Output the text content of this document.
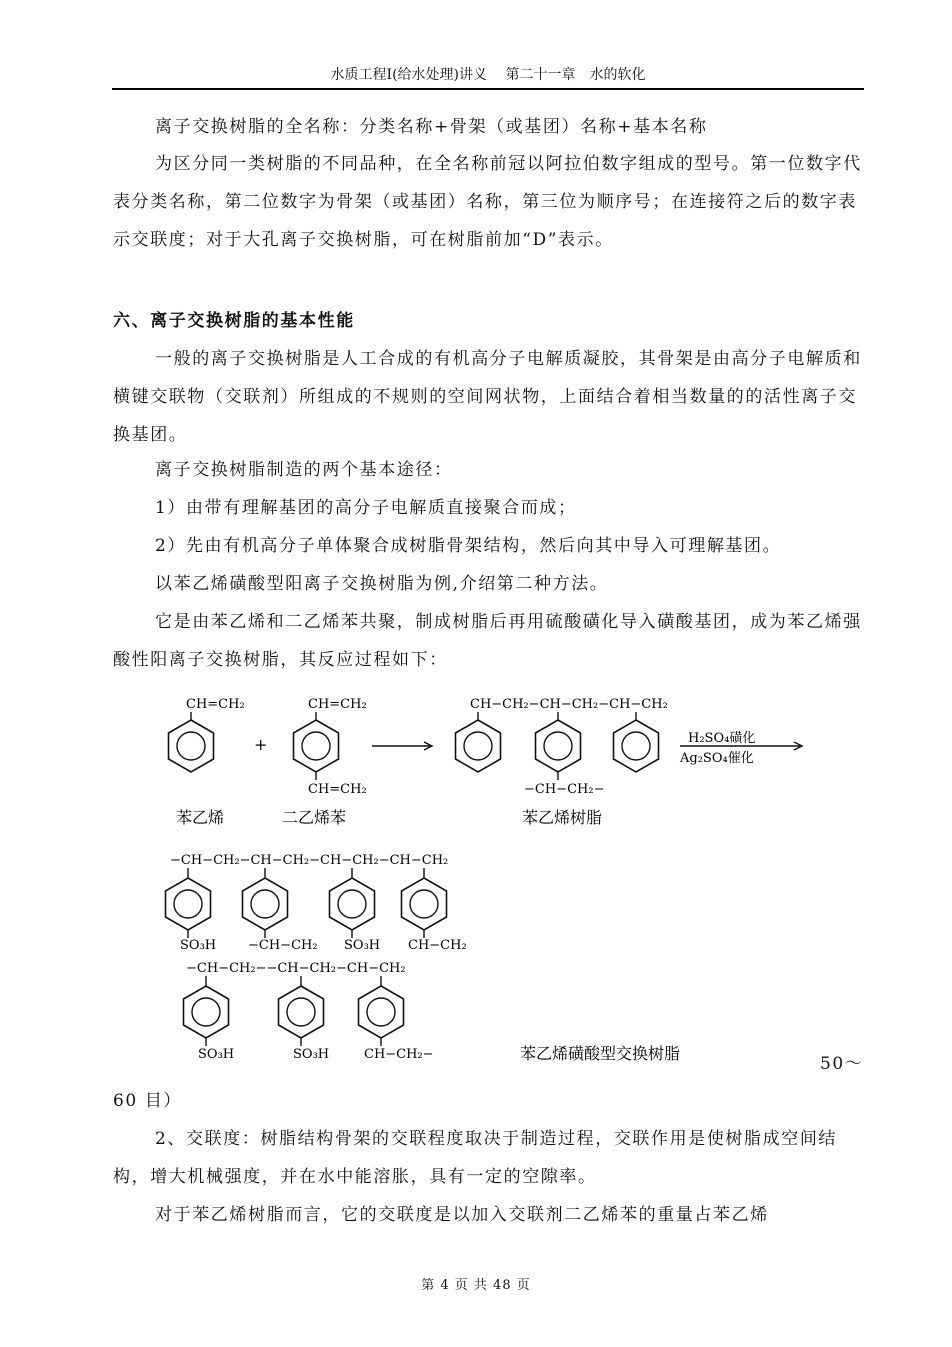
水质工程I(给水处理)讲义　 第二十一章　水的软化

离子交换树脂的全名称：分类名称+骨架（或基团）名称+基本名称

为区分同一类树脂的不同品种，在全名称前冠以阿拉伯数字组成的型号。第一位数字代表分类名称，第二位数字为骨架（或基团）名称，第三位为顺序号；在连接符之后的数字表示交联度；对于大孔离子交换树脂，可在树脂前加“D”表示。

六、离子交换树脂的基本性能

一般的离子交换树脂是人工合成的有机高分子电解质凝胶，其骨架是由高分子电解质和横键交联物（交联剂）所组成的不规则的空间网状物，上面结合着相当数量的的活性离子交换基团。

离子交换树脂制造的两个基本途径：

1）由带有理解基团的高分子电解质直接聚合而成；

2）先由有机高分子单体聚合成树脂骨架结构，然后向其中导入可理解基团。

以苯乙烯磺酸型阳离子交换树脂为例,介绍第二种方法。

它是由苯乙烯和二乙烯苯共聚，制成树脂后再用硫酸磺化导入磺酸基团，成为苯乙烯强酸性阳离子交换树脂，其反应过程如下：

CH=CH₂
+
CH=CH₂
CH=CH₂
CH−CH₂−CH−CH₂−CH−CH₂
−CH−CH₂−
H₂SO₄磺化
Ag₂SO₄催化
苯乙烯	二乙烯苯	苯乙烯树脂
−CH−CH₂−CH−CH₂−CH−CH₂−CH−CH₂
SO₃H −CH−CH₂ SO₃H CH−CH₂
−CH−CH₂−−CH−CH₂−CH−CH₂
SO₃H	SO₃H	CH−CH₂−	苯乙烯磺酸型交换树脂
50～

60 目）

2、交联度：树脂结构骨架的交联程度取决于制造过程，交联作用是使树脂成空间结构，增大机械强度，并在水中能溶胀，具有一定的空隙率。

对于苯乙烯树脂而言，它的交联度是以加入交联剂二乙烯苯的重量占苯乙烯

第 4 页 共 48 页
